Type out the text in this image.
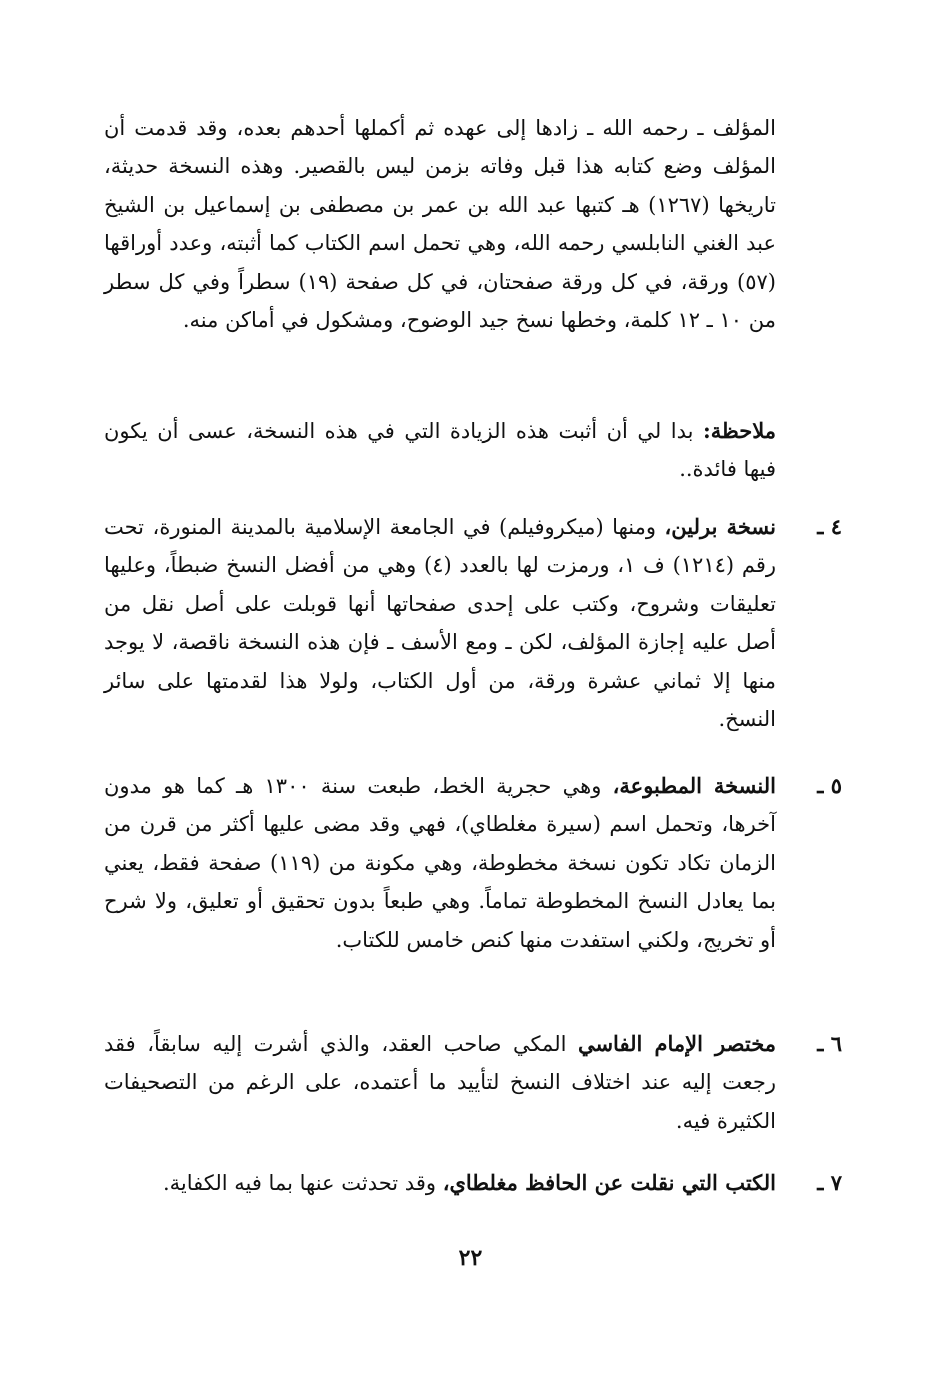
المؤلف ـ رحمه الله ـ زادها إلى عهده ثم أكملها أحدهم بعده، وقد قدمت أن المؤلف وضع كتابه هذا قبل وفاته بزمن ليس بالقصير. وهذه النسخة حديثة، تاريخها (١٢٦٧) هـ كتبها عبد الله بن عمر بن مصطفى بن إسماعيل بن الشيخ عبد الغني النابلسي رحمه الله، وهي تحمل اسم الكتاب كما أثبته، وعدد أوراقها (٥٧) ورقة، في كل ورقة صفحتان، في كل صفحة (١٩) سطراً وفي كل سطر من ١٠ ـ ١٢ كلمة، وخطها نسخ جيد الوضوح، ومشكول في أماكن منه.

ملاحظة: بدا لي أن أثبت هذه الزيادة التي في هذه النسخة، عسى أن يكون فيها فائدة..

٤ ـ
نسخة برلين، ومنها (ميكروفيلم) في الجامعة الإسلامية بالمدينة المنورة، تحت رقم (١٢١٤) ف ١، ورمزت لها بالعدد (٤) وهي من أفضل النسخ ضبطاً، وعليها تعليقات وشروح، وكتب على إحدى صفحاتها أنها قوبلت على أصل نقل من أصل عليه إجازة المؤلف، لكن ـ ومع الأسف ـ فإن هذه النسخة ناقصة، لا يوجد منها إلا ثماني عشرة ورقة، من أول الكتاب، ولولا هذا لقدمتها على سائر النسخ.

٥ ـ
النسخة المطبوعة، وهي حجرية الخط، طبعت سنة ١٣٠٠ هـ كما هو مدون آخرها، وتحمل اسم (سيرة مغلطاي)، فهي وقد مضى عليها أكثر من قرن من الزمان تكاد تكون نسخة مخطوطة، وهي مكونة من (١١٩) صفحة فقط، يعني بما يعادل النسخ المخطوطة تماماً. وهي طبعاً بدون تحقيق أو تعليق، ولا شرح أو تخريج، ولكني استفدت منها كنص خامس للكتاب.

٦ ـ
مختصر الإمام الفاسي المكي صاحب العقد، والذي أشرت إليه سابقاً، فقد رجعت إليه عند اختلاف النسخ لتأييد ما أعتمده، على الرغم من التصحيفات الكثيرة فيه.

٧ ـ
الكتب التي نقلت عن الحافظ مغلطاي، وقد تحدثت عنها بما فيه الكفاية.

٢٢
